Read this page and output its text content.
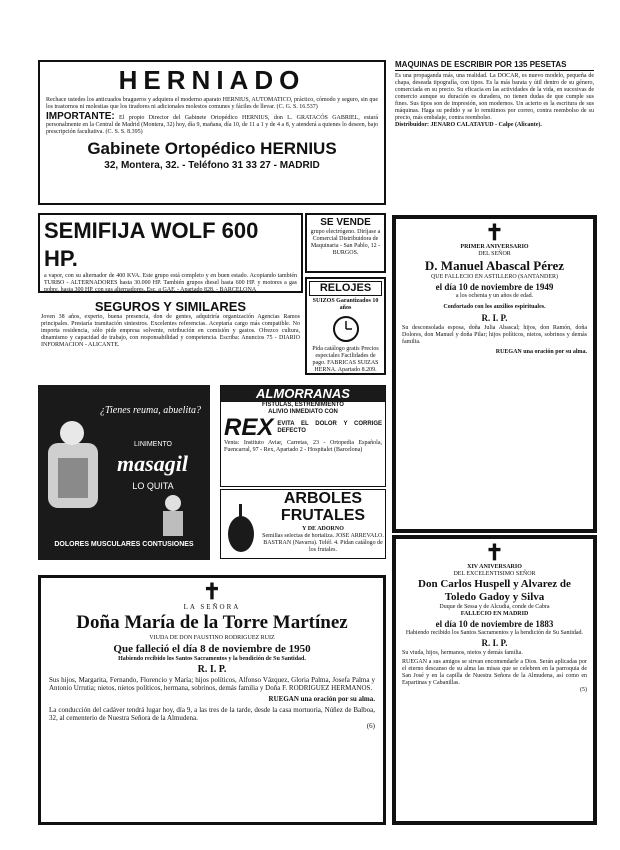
HERNIADO
Rechace ustedes los anticuados bragueros y adquiera el moderno aparato HERNIUS, AUTOMATICO, práctico, cómodo y seguro, sin que los trastornos ni molestias que los tiradores ni adicionales molestos comunes y fáciles de llevar. (C. G. S. 16.537)
IMPORTANTE: El propio Director del Gabinete Ortopédico HERNIUS, don L. GRATACÓS GABRIEL, estará personalmente en la Central de Madrid (Montera, 32) hoy, día 9, mañana, día 10, de 11 a 1 y de 4 a 8, y atenderá a quienes lo deseen, bajo prescripción facultativa. (C. S. S. 8.395)
Gabinete Ortopédico HERNIUS
32, Montera, 32. - Teléfono 31 33 27 - MADRID
MAQUINAS DE ESCRIBIR POR 135 PESETAS
Es una propaganda más, una realidad. La DOCAR, es nuevo modelo, pequeña de chapa, deseada tipografía, con tipos. Es la más barata y útil dentro de su género, comerciada en su precio. Su eficacia en las actividades de la vida, en sucesivas de comercio aunque su duración es duradera, no tienen dudas de que cumple sus fines. Sus tipos son de impresión, son modernos. Un acierto es la escritura de sus máquinas. Haga su pedido y se lo remitimos por correo, contra reembolso de su precio, más embalaje, contra reembolso.
Distribuidor: JENARO CALATAYUD - Calpe (Alicante).
SEMIFIJA WOLF 600 HP.
a vapor, con su alternador de 400 KVA. Este grupo está completo y en buen estado. Acopiando también TURBO - ALTERNADORES hasta 30.000 HP. También grupos diesel hasta 600 HP. y motores a gas pobre, hasta 300 HP, con sus alternadores. Esc. a GAF. - Apartado 828. - BARCELONA
SE VENDE
grupo electrógeno. Diríjase a Comercial Distribuidora de Maquinaria - San Pablo, 12 - BURGOS.
RELOJES
SUIZOS Garantizados 10 años
Pida catálogo gratis Precios especiales Facilidades de pago. FABRICAS SUIZAS HERNA. Apartado 8.209.
SEGUROS Y SIMILARES
Joven 38 años, experto, buena presencia, don de gentes, adquiriría organización Agencias Ramos principales. Prestaría tramitación siniestros. Excelentes referencias. Aceptaría cargo más compatible. No importa residencia, sólo pide empresa solvente, retribución en comisión y gastos. Ofrezco cultura, dinamismo y capacidad de trabajo, con responsabilidad y competencia. Escriba: Anuncios 75 - DIARIO INFORMACION - ALICANTE.
¿Tienes reuma, abuelita?
LINIMENTO
masagil
LO QUITA
DOLORES MUSCULARES CONTUSIONES
ALMORRANAS
FISTULAS, ESTREÑIMIENTO
ALIVIO INMEDIATO CON
REX EVITA EL DOLOR Y CORRIGE DEFECTO
Venta: Instituto Aviar, Carretas, 23 - Ortopedia Española, Fuencarral, 97 - Rex, Apartado 2 - Hospitalet (Barcelona)
ARBOLES FRUTALES
Y DE ADORNO
Semillas selectas de hortaliza. JOSE ARREVALO. BASTRAN (Navarra). Teléf. 4. Pidan catálogo de los frutales.
✝
LA SEÑORA
Doña María de la Torre Martínez
VIUDA DE DON FAUSTINO RODRIGUEZ RUIZ
Que falleció el día 8 de noviembre de 1950
Habiendo recibido los Santos Sacramentos y la bendición de Su Santidad.
R. I. P.
Sus hijos, Margarita, Fernando, Florencio y María; hijos políticos, Alfonso Vázquez, Gloria Palma, Josefa Palma y Antonio Urrutia; nietos, nietos políticos, hermana, sobrinos, demás familia y Doña F. RODRIGUEZ HERMANOS.
RUEGAN una oración por su alma.
La conducción del cadáver tendrá lugar hoy, día 9, a las tres de la tarde, desde la casa mortuoria, Núñez de Balboa, 32, al cementerio de Nuestra Señora de la Almudena.
(6)
✝
PRIMER ANIVERSARIO
DEL SEÑOR
D. Manuel Abascal Pérez
QUE FALLECIO EN ASTILLERO (SANTANDER)
el día 10 de noviembre de 1949
a los ochenta y un años de edad.
Confortado con los auxilios espirituales.
R. I. P.
Su desconsolada esposa, doña Julia Abascal; hijos, don Ramón, doña Dolores, don Manuel y doña Pilar; hijos políticos, nietos, sobrinos y demás familia.
RUEGAN una oración por su alma.
✝
XIV ANIVERSARIO
DEL EXCELENTISIMO SEÑOR
Don Carlos Huspell y Alvarez de Toledo Gadoy y Silva
Duque de Sessa y de Alcudia, conde de Cabra
FALLECIO EN MADRID
el día 10 de noviembre de 1883
Habiendo recibido los Santos Sacramentos y la bendición de Su Santidad.
R. I. P.
Su viuda, hijos, hermanos, nietos y demás familia.
RUEGAN a sus amigos se sirvan encomendarle a Dios. Serán aplicadas por el eterno descanso de su alma las misas que se celebren en la parroquia de San José y en la capilla de Nuestra Señora de la Almudena, así como en Espartinas y Cabanillas.
(5)
